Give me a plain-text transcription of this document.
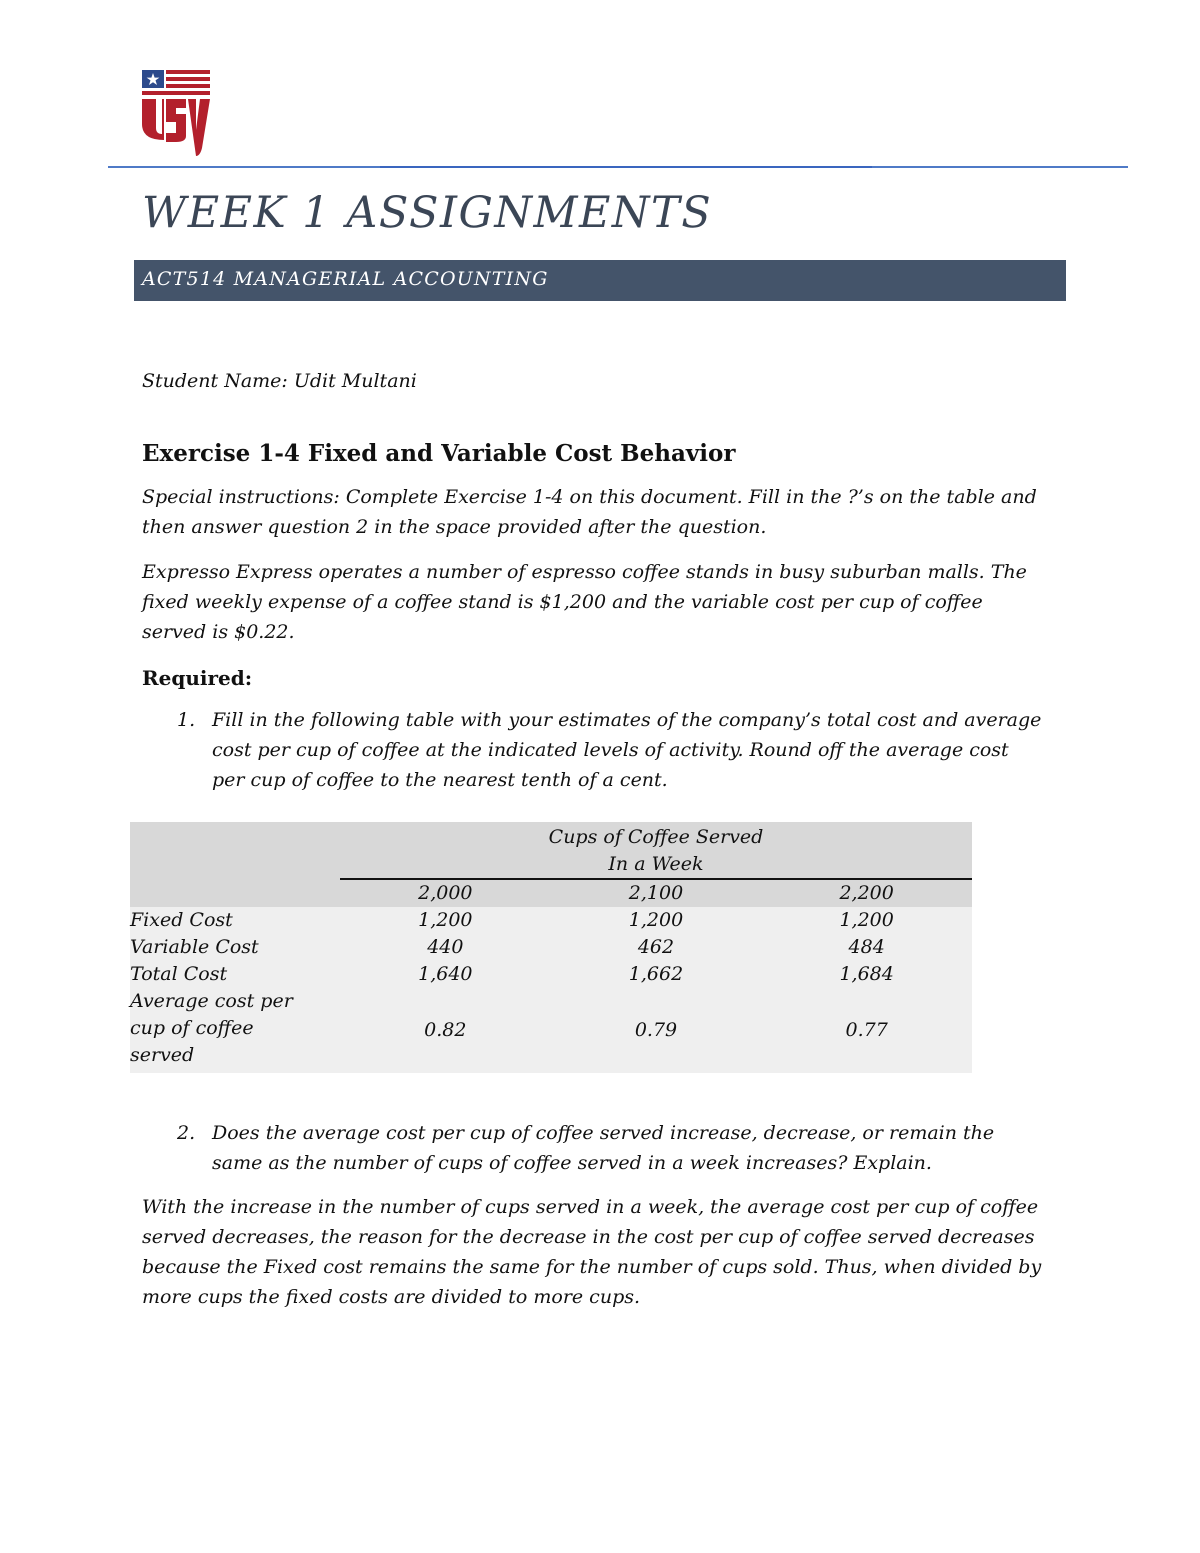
WEEK 1 ASSIGNMENTS
ACT514 MANAGERIAL ACCOUNTING

Student Name: Udit Multani

Exercise 1-4 Fixed and Variable Cost Behavior

Special instructions: Complete Exercise 1-4 on this document. Fill in the ?’s on the table and then answer question 2 in the space provided after the question.

Expresso Express operates a number of espresso coffee stands in busy suburban malls. The fixed weekly expense of a coffee stand is $1,200 and the variable cost per cup of coffee served is $0.22.

Required:

1. Fill in the following table with your estimates of the company’s total cost and average cost per cup of coffee at the indicated levels of activity. Round off the average cost per cup of coffee to the nearest tenth of a cent.

		Cups of Coffee Served
In a Week		

		2,000	2,100	2,200
Fixed Cost		1,200	1,200	1,200
Variable Cost		440	462	484
Total Cost		1,640	1,662	1,684

Average cost per
cup of coffee
served		0.82	0.79	0.77

2. Does the average cost per cup of coffee served increase, decrease, or remain the same as the number of cups of coffee served in a week increases? Explain.

With the increase in the number of cups served in a week, the average cost per cup of coffee served decreases, the reason for the decrease in the cost per cup of coffee served decreases because the Fixed cost remains the same for the number of cups sold. Thus, when divided by more cups the fixed costs are divided to more cups.
